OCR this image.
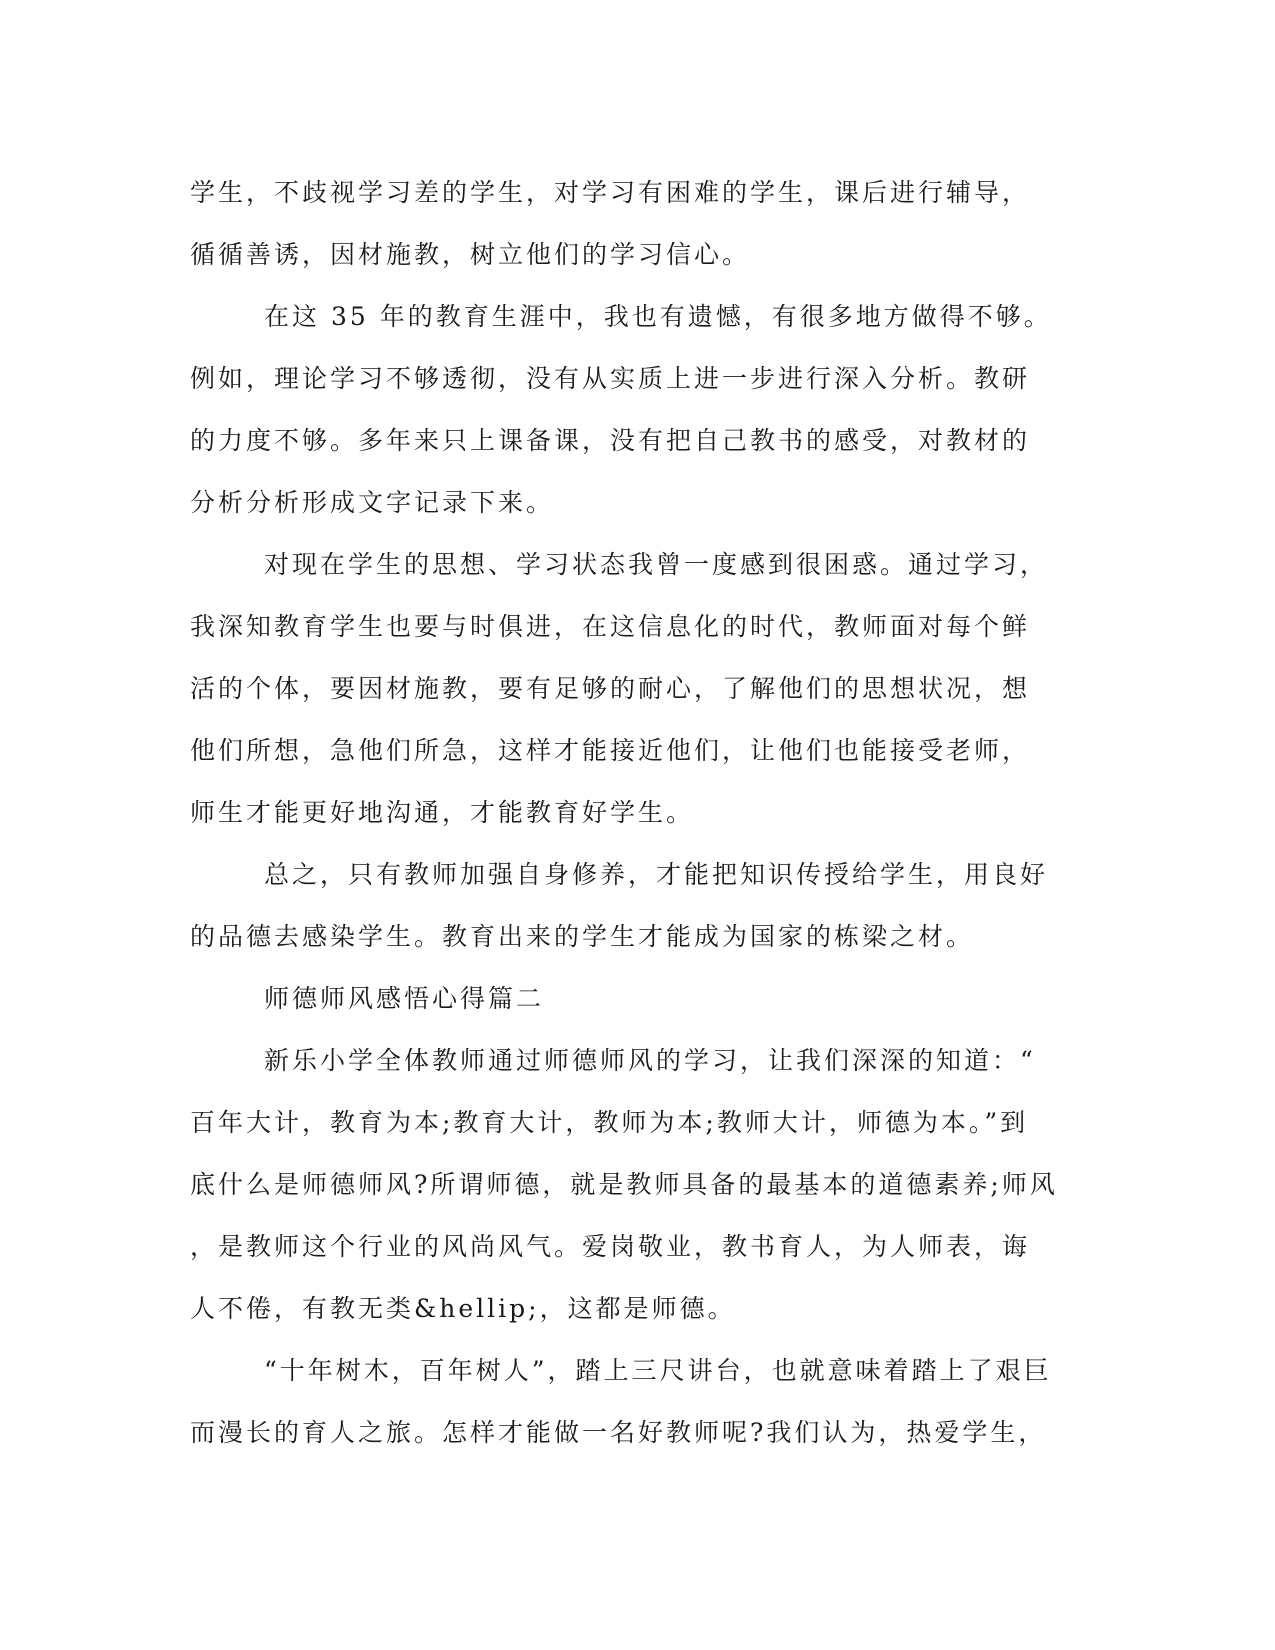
学生，不歧视学习差的学生，对学习有困难的学生，课后进行辅导，
循循善诱，因材施教，树立他们的学习信心。
在这 35 年的教育生涯中，我也有遗憾，有很多地方做得不够。
例如，理论学习不够透彻，没有从实质上进一步进行深入分析。教研
的力度不够。多年来只上课备课，没有把自己教书的感受，对教材的
分析分析形成文字记录下来。
对现在学生的思想、学习状态我曾一度感到很困惑。通过学习，
我深知教育学生也要与时俱进，在这信息化的时代，教师面对每个鲜
活的个体，要因材施教，要有足够的耐心，了解他们的思想状况，想
他们所想，急他们所急，这样才能接近他们，让他们也能接受老师，
师生才能更好地沟通，才能教育好学生。
总之，只有教师加强自身修养，才能把知识传授给学生，用良好
的品德去感染学生。教育出来的学生才能成为国家的栋梁之材。
师德师风感悟心得篇二
新乐小学全体教师通过师德师风的学习，让我们深深的知道：“
百年大计，教育为本;教育大计，教师为本;教师大计，师德为本。”到
底什么是师德师风?所谓师德，就是教师具备的最基本的道德素养;师风
，是教师这个行业的风尚风气。爱岗敬业，教书育人，为人师表，诲
人不倦，有教无类&hellip;，这都是师德。
“十年树木，百年树人”，踏上三尺讲台，也就意味着踏上了艰巨
而漫长的育人之旅。怎样才能做一名好教师呢?我们认为，热爱学生，
